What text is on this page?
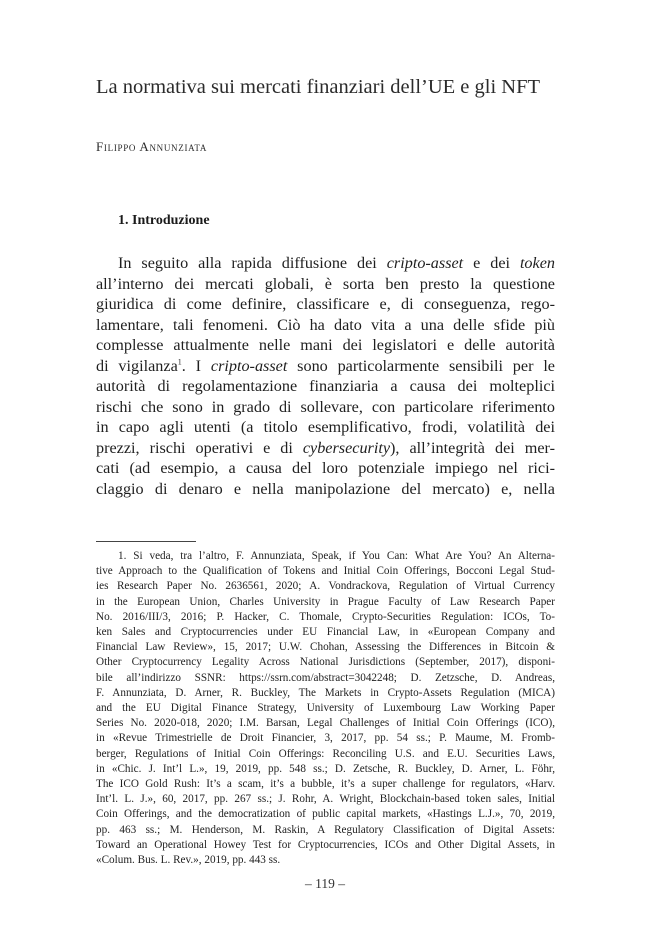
La normativa sui mercati finanziari dell’UE e gli NFT
Filippo Annunziata
1. Introduzione
In seguito alla rapida diffusione dei cripto-asset e dei token
all’interno dei mercati globali, è sorta ben presto la questione
giuridica di come definire, classificare e, di conseguenza, rego-
lamentare, tali fenomeni. Ciò ha dato vita a una delle sfide più
complesse attualmente nelle mani dei legislatori e delle autorità
di vigilanza$^1$. I cripto-asset sono particolarmente sensibili per le
autorità di regolamentazione finanziaria a causa dei molteplici
rischi che sono in grado di sollevare, con particolare riferimento
in capo agli utenti (a titolo esemplificativo, frodi, volatilità dei
prezzi, rischi operativi e di cybersecurity), all’integrità dei mer-
cati (ad esempio, a causa del loro potenziale impiego nel rici-
claggio di denaro e nella manipolazione del mercato) e, nella
1. Si veda, tra l’altro, F. Annunziata, Speak, if You Can: What Are You? An Alterna-
tive Approach to the Qualification of Tokens and Initial Coin Offerings, Bocconi Legal Stud-
ies Research Paper No. 2636561, 2020; A. Vondrackova, Regulation of Virtual Currency
in the European Union, Charles University in Prague Faculty of Law Research Paper
No. 2016/III/3, 2016; P. Hacker, C. Thomale, Crypto-Securities Regulation: ICOs, To-
ken Sales and Cryptocurrencies under EU Financial Law, in «European Company and
Financial Law Review», 15, 2017; U.W. Chohan, Assessing the Differences in Bitcoin &
Other Cryptocurrency Legality Across National Jurisdictions (September, 2017), disponi-
bile all’indirizzo SSNR: https://ssrn.com/abstract=3042248; D. Zetzsche, D. Andreas,
F. Annunziata, D. Arner, R. Buckley, The Markets in Crypto-Assets Regulation (MICA)
and the EU Digital Finance Strategy, University of Luxembourg Law Working Paper
Series No. 2020-018, 2020; I.M. Barsan, Legal Challenges of Initial Coin Offerings (ICO),
in «Revue Trimestrielle de Droit Financier, 3, 2017, pp. 54 ss.; P. Maume, M. Fromb-
berger, Regulations of Initial Coin Offerings: Reconciling U.S. and E.U. Securities Laws,
in «Chic. J. Int’l L.», 19, 2019, pp. 548 ss.; D. Zetsche, R. Buckley, D. Arner, L. Föhr,
The ICO Gold Rush: It’s a scam, it’s a bubble, it’s a super challenge for regulators, «Harv.
Int’l. L. J.», 60, 2017, pp. 267 ss.; J. Rohr, A. Wright, Blockchain-based token sales, Initial
Coin Offerings, and the democratization of public capital markets, «Hastings L.J.», 70, 2019,
pp. 463 ss.; M. Henderson, M. Raskin, A Regulatory Classification of Digital Assets:
Toward an Operational Howey Test for Cryptocurrencies, ICOs and Other Digital Assets, in
«Colum. Bus. L. Rev.», 2019, pp. 443 ss.
– 119 –
